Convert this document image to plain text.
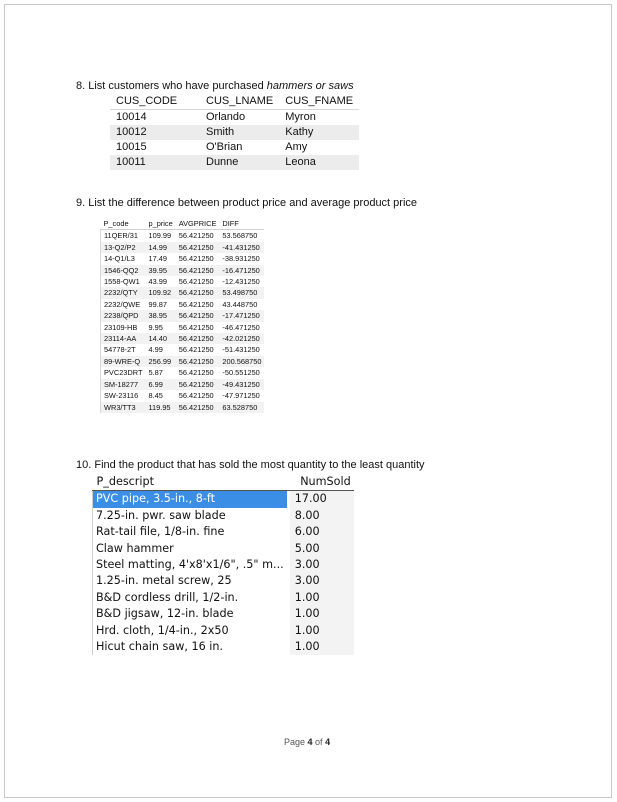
8. List customers who have purchased hammers or saws
CUS_CODE	CUS_LNAME	CUS_FNAME
10014	Orlando	Myron
10012	Smith	Kathy
10015	O'Brian	Amy
10011	Dunne	Leona
9. List the difference between product price and average product price
P_code	p_price	AVGPRICE	DIFF
11QER/31	109.99	56.421250	53.568750
13-Q2/P2	14.99	56.421250	-41.431250
14-Q1/L3	17.49	56.421250	-38.931250
1546-QQ2	39.95	56.421250	-16.471250
1558-QW1	43.99	56.421250	-12.431250
2232/QTY	109.92	56.421250	53.498750
2232/QWE	99.87	56.421250	43.448750
2238/QPD	38.95	56.421250	-17.471250
23109-HB	9.95	56.421250	-46.471250
23114-AA	14.40	56.421250	-42.021250
54778-2T	4.99	56.421250	-51.431250
89-WRE-Q	256.99	56.421250	200.568750
PVC23DRT	5.87	56.421250	-50.551250
SM-18277	6.99	56.421250	-49.431250
SW-23116	8.45	56.421250	-47.971250
WR3/TT3	119.95	56.421250	63.528750
10. Find the product that has sold the most quantity to the least quantity
P_descript		NumSold
PVC pipe, 3.5-in., 8-ft		17.00
7.25-in. pwr. saw blade		8.00
Rat-tail file, 1/8-in. fine		6.00
Claw hammer		5.00
Steel matting, 4'x8'x1/6", .5" m...		3.00
1.25-in. metal screw, 25		3.00
B&D cordless drill, 1/2-in.		1.00
B&D jigsaw, 12-in. blade		1.00
Hrd. cloth, 1/4-in., 2x50		1.00
Hicut chain saw, 16 in.		1.00
Page 4 of 4
